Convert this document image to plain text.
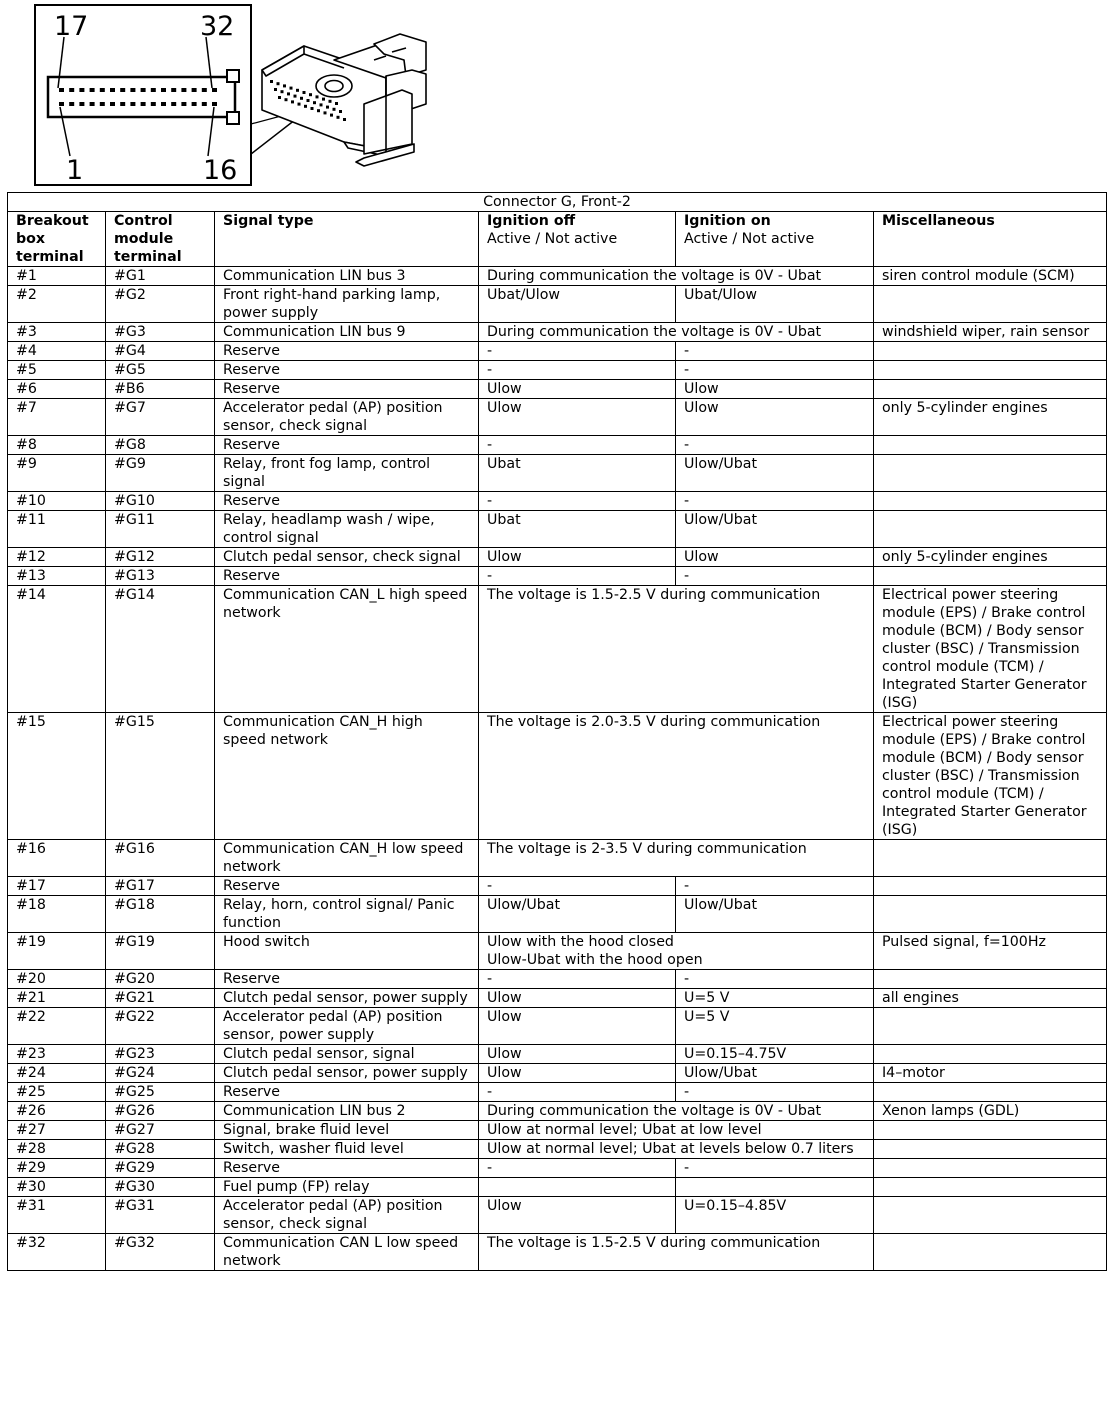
17	32
1	16
Connector G, Front-2					
Breakout box terminal	Control module terminal	Signal type	Ignition off
Active / Not active	Ignition on
Active / Not active	Miscellaneous
#1	#G1	Communication LIN bus 3	During communication the voltage is 0V - Ubat		siren control module (SCM)
#2	#G2	Front right-hand parking lamp, power supply	Ubat/Ulow	Ubat/Ulow	
#3	#G3	Communication LIN bus 9	During communication the voltage is 0V - Ubat		windshield wiper, rain sensor
#4	#G4	Reserve	-	-	
#5	#G5	Reserve	-	-	
#6	#B6	Reserve	Ulow	Ulow	
#7	#G7	Accelerator pedal (AP) position sensor, check signal	Ulow	Ulow	only 5-cylinder engines
#8	#G8	Reserve	-	-	
#9	#G9	Relay, front fog lamp, control signal	Ubat	Ulow/Ubat	
#10	#G10	Reserve	-	-	
#11	#G11	Relay, headlamp wash / wipe, control signal	Ubat	Ulow/Ubat	
#12	#G12	Clutch pedal sensor, check signal	Ulow	Ulow	only 5-cylinder engines
#13	#G13	Reserve	-	-	
#14	#G14	Communication CAN_L high speed network	The voltage is 1.5-2.5 V during communication		Electrical power steering module (EPS) / Brake control module (BCM) / Body sensor cluster (BSC) / Transmission control module (TCM) / Integrated Starter Generator (ISG)
#15	#G15	Communication CAN_H high speed network	The voltage is 2.0-3.5 V during communication		Electrical power steering module (EPS) / Brake control module (BCM) / Body sensor cluster (BSC) / Transmission control module (TCM) / Integrated Starter Generator (ISG)
#16	#G16	Communication CAN_H low speed network	The voltage is 2-3.5 V during communication		
#17	#G17	Reserve	-	-	
#18	#G18	Relay, horn, control signal/ Panic function	Ulow/Ubat	Ulow/Ubat	
#19	#G19	Hood switch	Ulow with the hood closed
Ulow-Ubat with the hood open		Pulsed signal, f=100Hz
#20	#G20	Reserve	-	-	
#21	#G21	Clutch pedal sensor, power supply	Ulow	U=5 V	all engines
#22	#G22	Accelerator pedal (AP) position sensor, power supply	Ulow	U=5 V	
#23	#G23	Clutch pedal sensor, signal	Ulow	U=0.15–4.75V	
#24	#G24	Clutch pedal sensor, power supply	Ulow	Ulow/Ubat	I4–motor
#25	#G25	Reserve	-	-	
#26	#G26	Communication LIN bus 2	During communication the voltage is 0V - Ubat		Xenon lamps (GDL)
#27	#G27	Signal, brake fluid level	Ulow at normal level; Ubat at low level		
#28	#G28	Switch, washer fluid level	Ulow at normal level; Ubat at levels below 0.7 liters		
#29	#G29	Reserve	-	-	
#30	#G30	Fuel pump (FP) relay			
#31	#G31	Accelerator pedal (AP) position sensor, check signal	Ulow	U=0.15–4.85V	
#32	#G32	Communication CAN L low speed network	The voltage is 1.5-2.5 V during communication		
